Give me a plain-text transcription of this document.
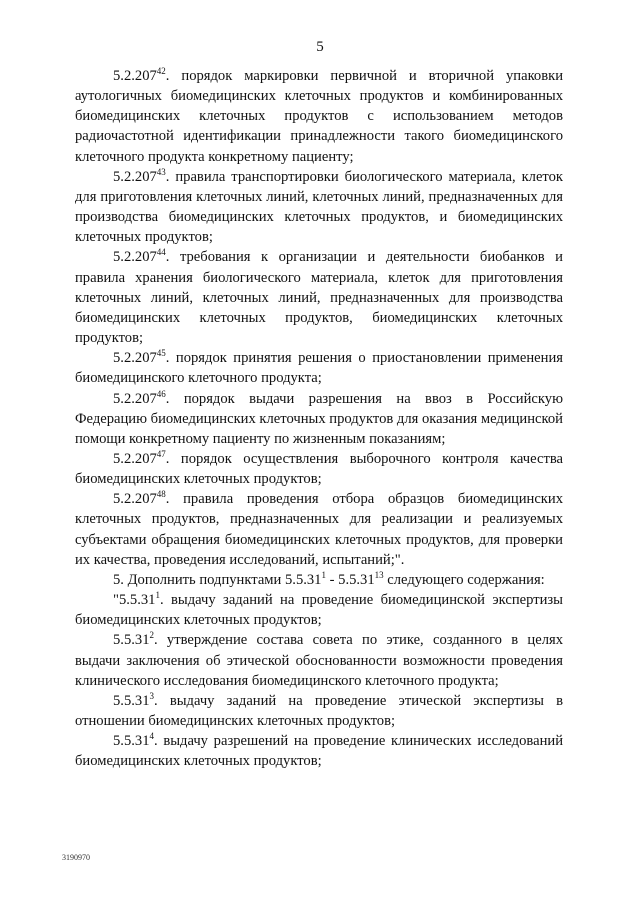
5

5.2.207$^{42}$. порядок маркировки первичной и вторичной упаковки аутологичных биомедицинских клеточных продуктов и комбинированных биомедицинских клеточных продуктов с использованием методов радиочастотной идентификации принадлежности такого биомедицинского клеточного продукта конкретному пациенту;

5.2.207$^{43}$. правила транспортировки биологического материала, клеток для приготовления клеточных линий, клеточных линий, предназначенных для производства биомедицинских клеточных продуктов, и биомедицинских клеточных продуктов;

5.2.207$^{44}$. требования к организации и деятельности биобанков и правила хранения биологического материала, клеток для приготовления клеточных линий, клеточных линий, предназначенных для производства биомедицинских клеточных продуктов, биомедицинских клеточных продуктов;

5.2.207$^{45}$. порядок принятия решения о приостановлении применения биомедицинского клеточного продукта;

5.2.207$^{46}$. порядок выдачи разрешения на ввоз в Российскую Федерацию биомедицинских клеточных продуктов для оказания медицинской помощи конкретному пациенту по жизненным показаниям;

5.2.207$^{47}$. порядок осуществления выборочного контроля качества биомедицинских клеточных продуктов;

5.2.207$^{48}$. правила проведения отбора образцов биомедицинских клеточных продуктов, предназначенных для реализации и реализуемых субъектами обращения биомедицинских клеточных продуктов, для проверки их качества, проведения исследований, испытаний;".

5. Дополнить подпунктами 5.5.31$^1$ - 5.5.31$^{13}$ следующего содержания:

"5.5.31$^1$. выдачу заданий на проведение биомедицинской экспертизы биомедицинских клеточных продуктов;

5.5.31$^2$. утверждение состава совета по этике, созданного в целях выдачи заключения об этической обоснованности возможности проведения клинического исследования биомедицинского клеточного продукта;

5.5.31$^3$. выдачу заданий на проведение этической экспертизы в отношении биомедицинских клеточных продуктов;

5.5.31$^4$. выдачу разрешений на проведение клинических исследований биомедицинских клеточных продуктов;

3190970
